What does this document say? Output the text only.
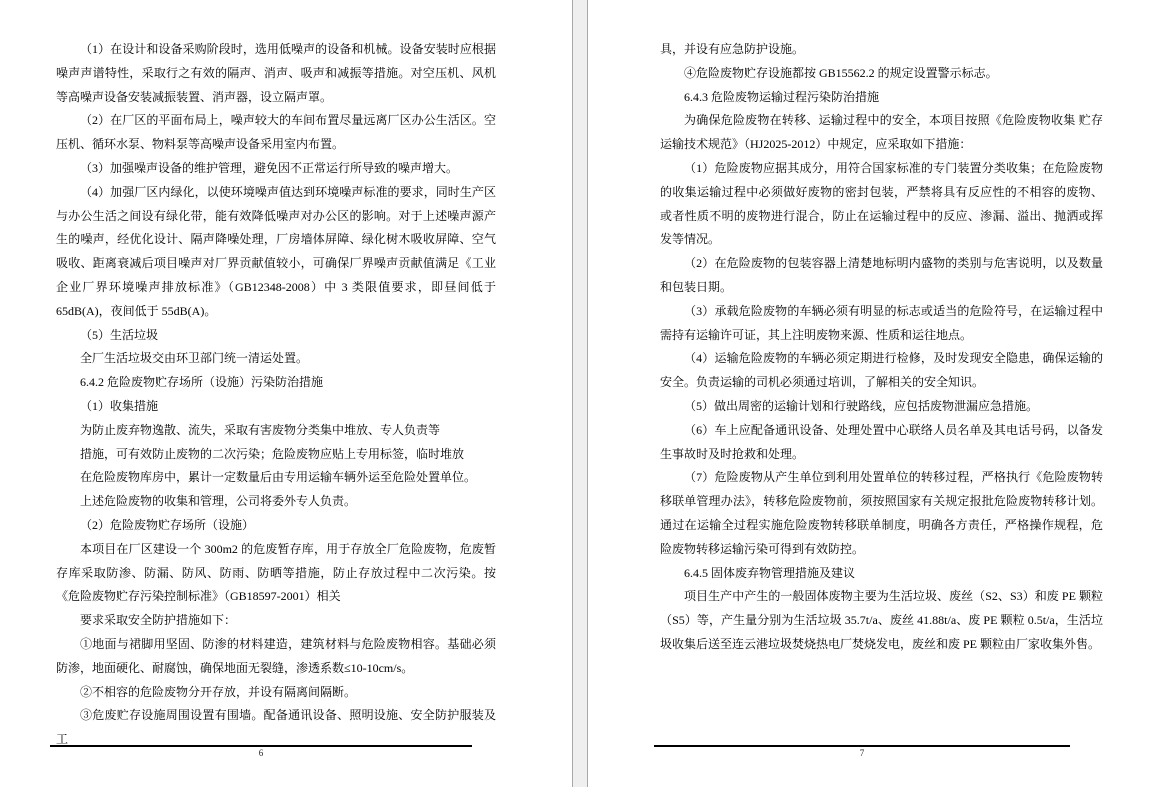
（1）在设计和设备采购阶段时，选用低噪声的设备和机械。设备安装时应根据噪声声谱特性，采取行之有效的隔声、消声、吸声和减振等措施。对空压机、风机等高噪声设备安装减振装置、消声器，设立隔声罩。

（2）在厂区的平面布局上，噪声较大的车间布置尽量远离厂区办公生活区。空压机、循环水泵、物料泵等高噪声设备采用室内布置。

（3）加强噪声设备的维护管理，避免因不正常运行所导致的噪声增大。

（4）加强厂区内绿化，以使环境噪声值达到环境噪声标准的要求，同时生产区与办公生活之间设有绿化带，能有效降低噪声对办公区的影响。对于上述噪声源产生的噪声，经优化设计、隔声降噪处理，厂房墙体屏障、绿化树木吸收屏障、空气吸收、距离衰减后项目噪声对厂界贡献值较小，可确保厂界噪声贡献值满足《工业企业厂界环境噪声排放标准》（GB12348-2008）中 3 类限值要求，即昼间低于 65dB(A)，夜间低于 55dB(A)。

（5）生活垃圾

全厂生活垃圾交由环卫部门统一清运处置。

6.4.2 危险废物贮存场所（设施）污染防治措施

（1）收集措施

为防止废弃物逸散、流失，采取有害废物分类集中堆放、专人负责等

措施，可有效防止废物的二次污染；危险废物应贴上专用标签，临时堆放

在危险废物库房中，累计一定数量后由专用运输车辆外运至危险处置单位。

上述危险废物的收集和管理，公司将委外专人负责。

（2）危险废物贮存场所（设施）

本项目在厂区建设一个 300m2 的危废暂存库，用于存放全厂危险废物，危废暂存库采取防渗、防漏、防风、防雨、防晒等措施，防止存放过程中二次污染。按《危险废物贮存污染控制标准》（GB18597-2001）相关

要求采取安全防护措施如下：

①地面与裙脚用坚固、防渗的材料建造，建筑材料与危险废物相容。基础必须防渗，地面硬化、耐腐蚀，确保地面无裂缝，渗透系数≤10-10cm/s。

②不相容的危险废物分开存放，并设有隔离间隔断。

③危废贮存设施周围设置有围墙。配备通讯设备、照明设施、安全防护服装及工

6

具，并设有应急防护设施。

④危险废物贮存设施都按 GB15562.2 的规定设置警示标志。

6.4.3 危险废物运输过程污染防治措施

为确保危险废物在转移、运输过程中的安全，本项目按照《危险废物收集 贮存 运输技术规范》（HJ2025-2012）中规定，应采取如下措施：

（1）危险废物应据其成分，用符合国家标准的专门装置分类收集；在危险废物的收集运输过程中必须做好废物的密封包装，严禁将具有反应性的不相容的废物、或者性质不明的废物进行混合，防止在运输过程中的反应、渗漏、溢出、抛洒或挥发等情况。

（2）在危险废物的包装容器上清楚地标明内盛物的类别与危害说明，以及数量和包装日期。

（3）承载危险废物的车辆必须有明显的标志或适当的危险符号，在运输过程中需持有运输许可证，其上注明废物来源、性质和运往地点。

（4）运输危险废物的车辆必须定期进行检修，及时发现安全隐患，确保运输的安全。负责运输的司机必须通过培训，了解相关的安全知识。

（5）做出周密的运输计划和行驶路线，应包括废物泄漏应急措施。

（6）车上应配备通讯设备、处理处置中心联络人员名单及其电话号码，以备发生事故时及时抢救和处理。

（7）危险废物从产生单位到利用处置单位的转移过程，严格执行《危险废物转移联单管理办法》，转移危险废物前，须按照国家有关规定报批危险废物转移计划。通过在运输全过程实施危险废物转移联单制度，明确各方责任，严格操作规程，危险废物转移运输污染可得到有效防控。

6.4.5 固体废弃物管理措施及建议

项目生产中产生的一般固体废物主要为生活垃圾、废丝（S2、S3）和废 PE 颗粒（S5）等，产生量分别为生活垃圾 35.7t/a、废丝 41.88t/a、废 PE 颗粒 0.5t/a，生活垃圾收集后送至连云港垃圾焚烧热电厂焚烧发电，废丝和废 PE 颗粒由厂家收集外售。

7
